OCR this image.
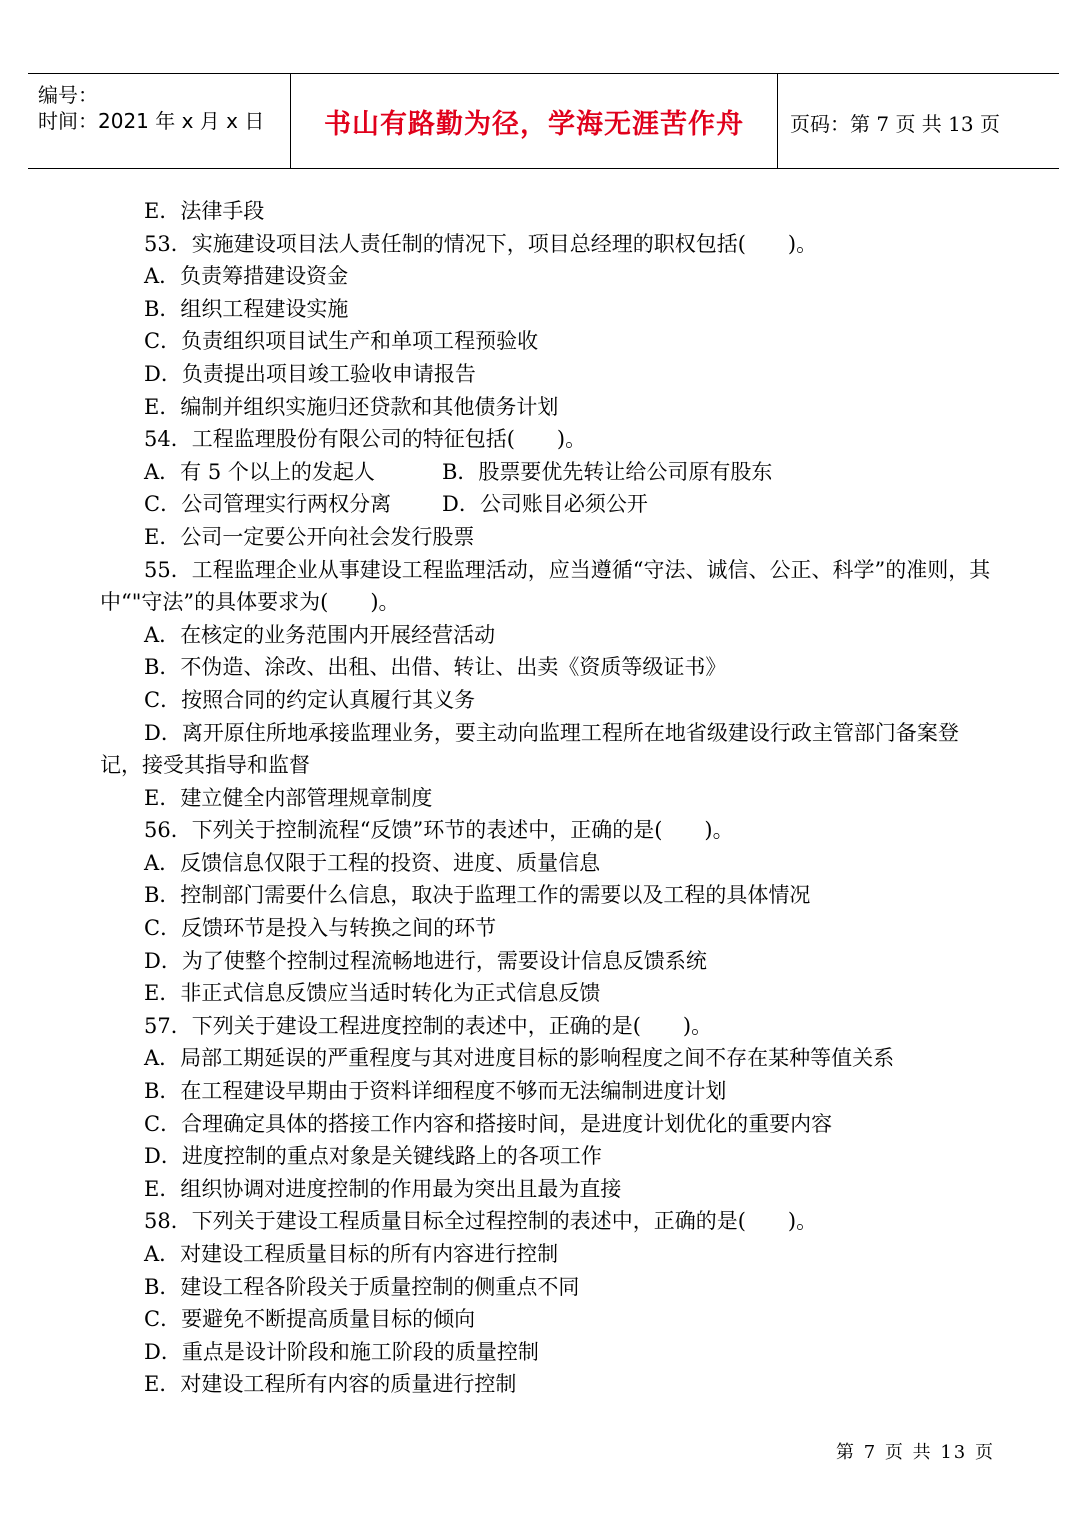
编号：
时间：2021 年 x 月 x 日	书山有路勤为径，学海无涯苦作舟	页码：第 7 页 共 13 页
E．法律手段
53．实施建设项目法人责任制的情况下，项目总经理的职权包括(　　)。
A．负责筹措建设资金
B．组织工程建设实施
C．负责组织项目试生产和单项工程预验收
D．负责提出项目竣工验收申请报告
E．编制并组织实施归还贷款和其他债务计划
54．工程监理股份有限公司的特征包括(　　)。
A．有 5 个以上的发起人	B．股票要优先转让给公司原有股东
C．公司管理实行两权分离 D．公司账目必须公开
E．公司一定要公开向社会发行股票
55．工程监理企业从事建设工程监理活动，应当遵循“守法、诚信、公正、科学”的准则，其中“"守法”的具体要求为(　　)。
A．在核定的业务范围内开展经营活动
B．不伪造、涂改、出租、出借、转让、出卖《资质等级证书》
C．按照合同的约定认真履行其义务
D．离开原住所地承接监理业务，要主动向监理工程所在地省级建设行政主管部门备案登记，接受其指导和监督
E．建立健全内部管理规章制度
56．下列关于控制流程“反馈”环节的表述中，正确的是(　　)。
A．反馈信息仅限于工程的投资、进度、质量信息
B．控制部门需要什么信息，取决于监理工作的需要以及工程的具体情况
C．反馈环节是投入与转换之间的环节
D．为了使整个控制过程流畅地进行，需要设计信息反馈系统
E．非正式信息反馈应当适时转化为正式信息反馈
57．下列关于建设工程进度控制的表述中，正确的是(　　)。
A．局部工期延误的严重程度与其对进度目标的影响程度之间不存在某种等值关系
B．在工程建设早期由于资料详细程度不够而无法编制进度计划
C．合理确定具体的搭接工作内容和搭接时间，是进度计划优化的重要内容
D．进度控制的重点对象是关键线路上的各项工作
E．组织协调对进度控制的作用最为突出且最为直接
58．下列关于建设工程质量目标全过程控制的表述中，正确的是(　　)。
A．对建设工程质量目标的所有内容进行控制
B．建设工程各阶段关于质量控制的侧重点不同
C．要避免不断提高质量目标的倾向
D．重点是设计阶段和施工阶段的质量控制
E．对建设工程所有内容的质量进行控制
第 7 页 共 13 页
